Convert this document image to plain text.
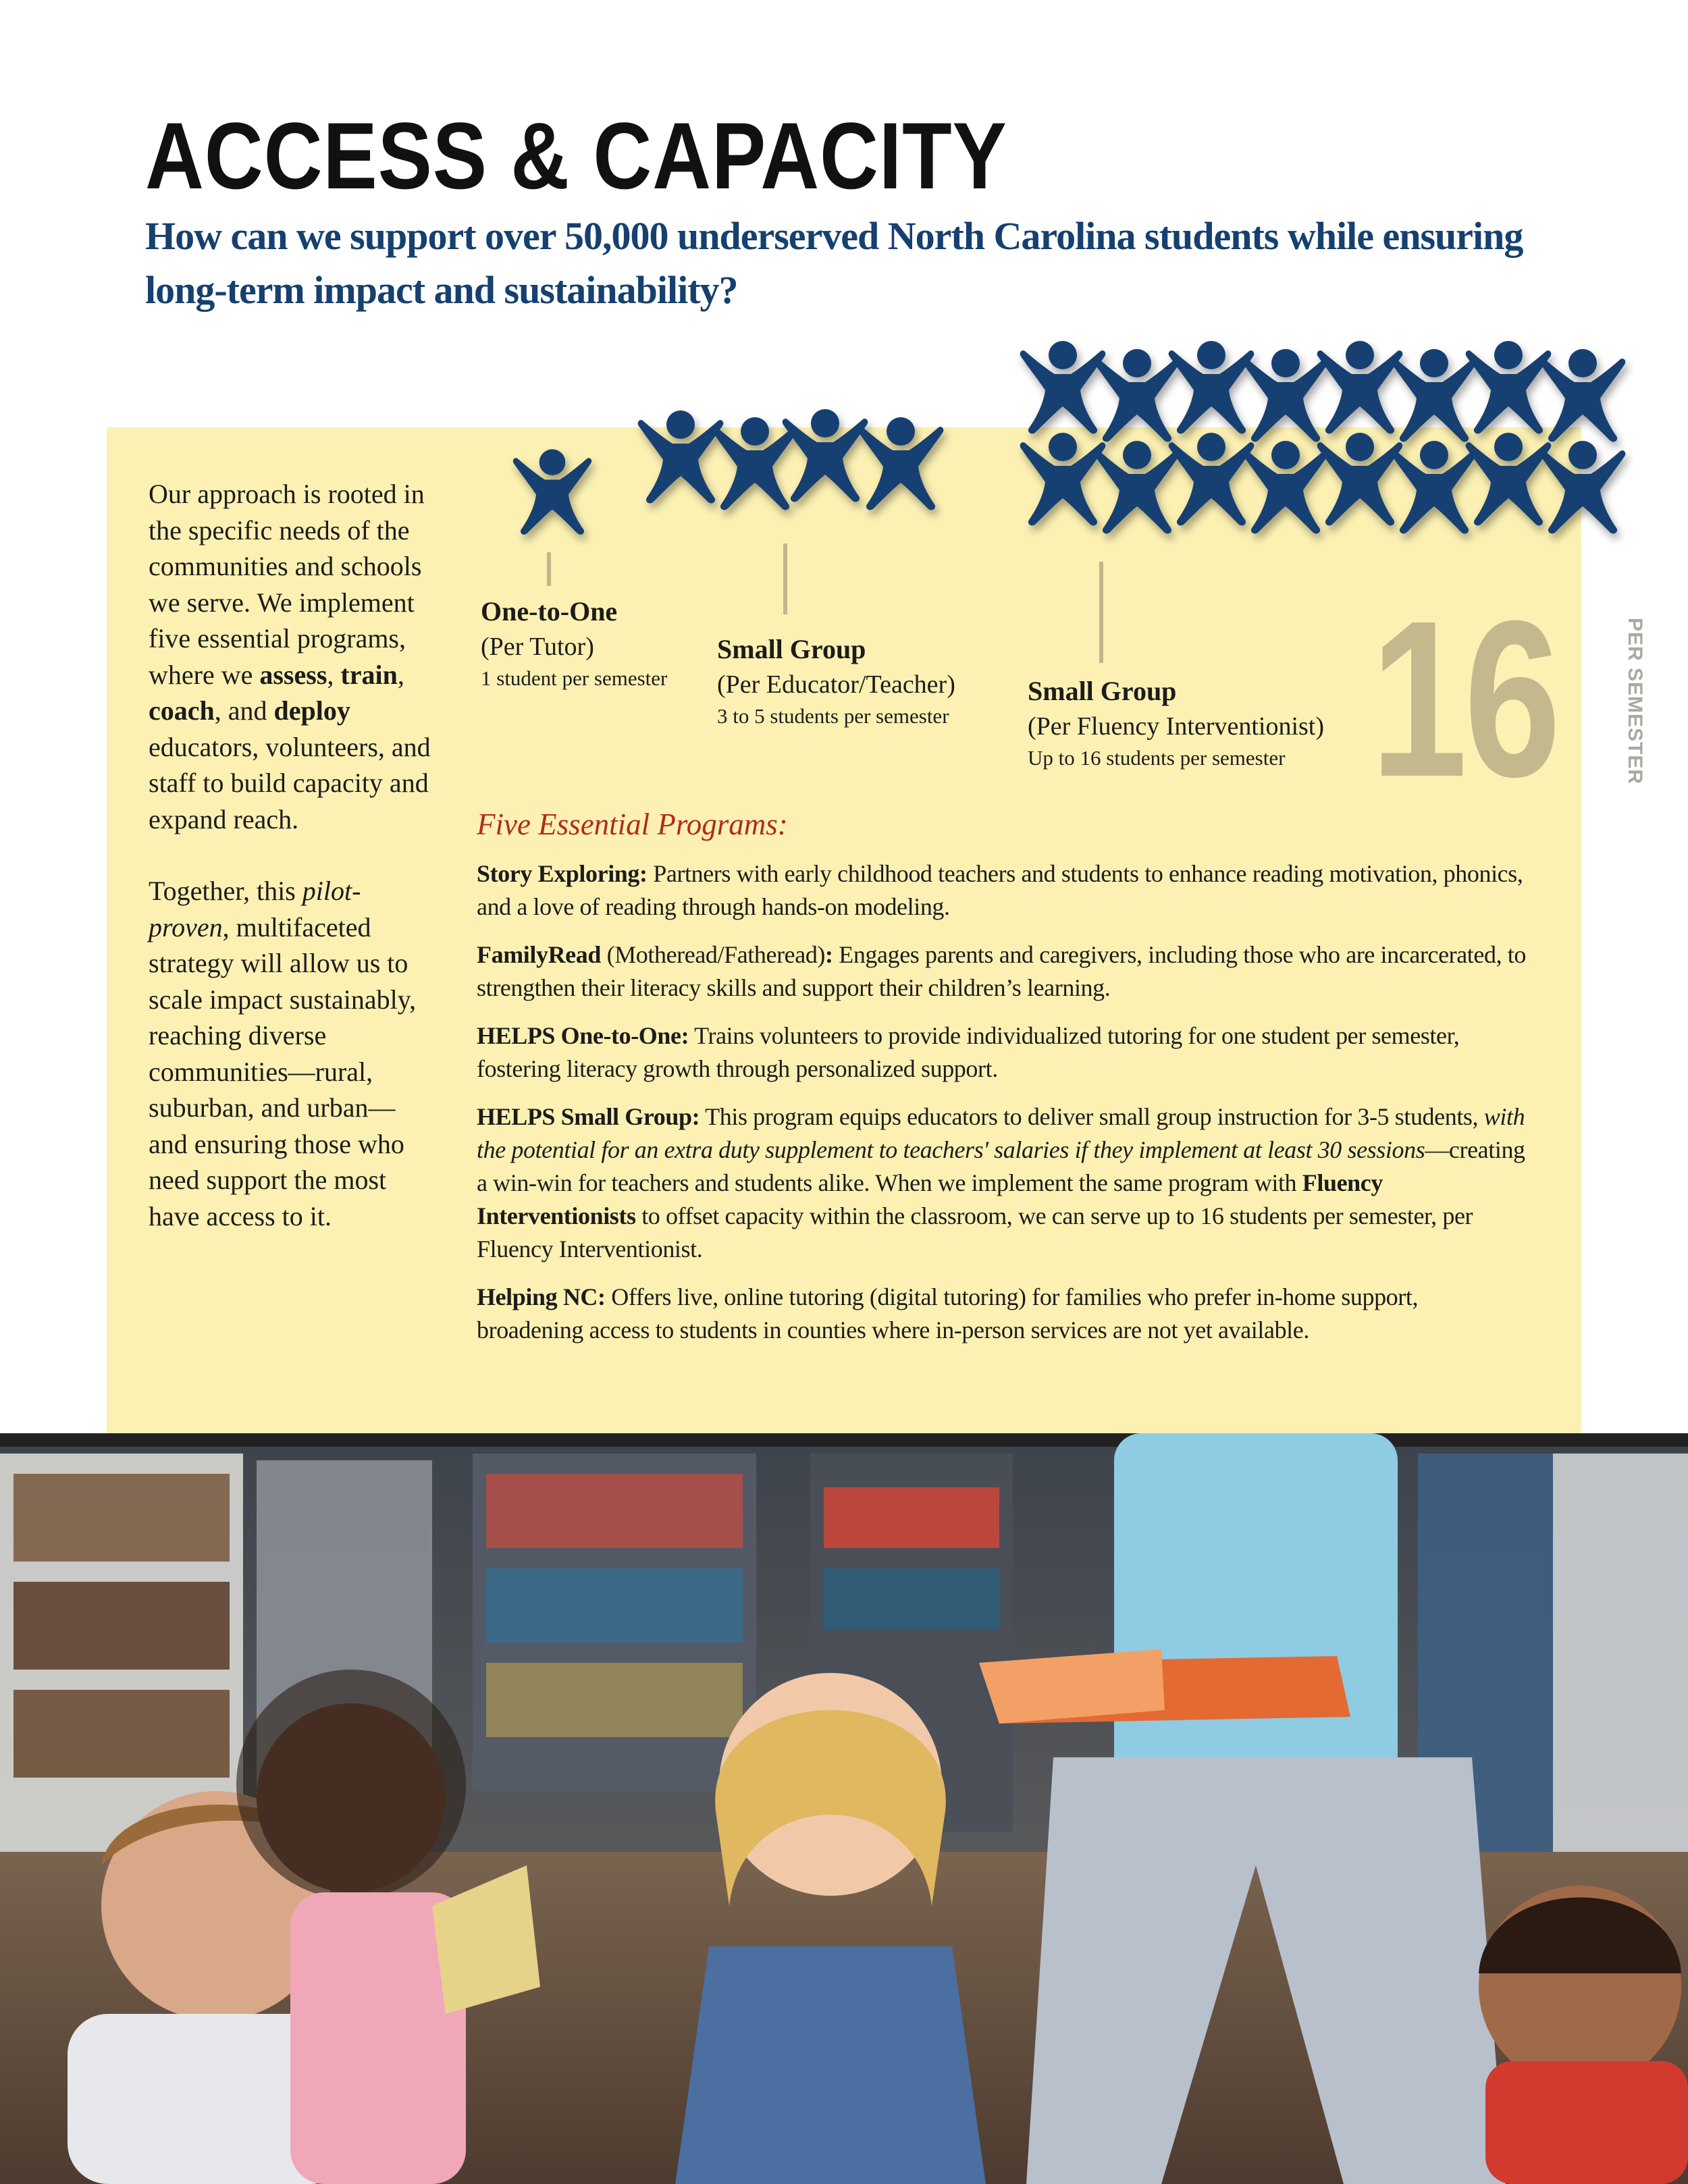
ACCESS & CAPACITY
How can we support over 50,000 underserved North Carolina students while ensuring long-term impact and sustainability?

Our approach is rooted in the specific needs of the communities and schools we serve. We implement five essential programs, where we assess, train, coach, and deploy educators, volunteers, and staff to build capacity and expand reach.

Together, this pilot-proven, multifaceted strategy will allow us to scale impact sustainably, reaching diverse communities—rural, suburban, and urban—and ensuring those who need support the most have access to it.

One-to-One
(Per Tutor)
1 student per semester
Small Group
(Per Educator/Teacher)
3 to 5 students per semester
Small Group
(Per Fluency Interventionist)
Up to 16 students per semester 16	PER SEMESTER
Five Essential Programs:

Story Exploring: Partners with early childhood teachers and students to enhance reading motivation, phonics, and a love of reading through hands-on modeling.

FamilyRead (Motheread/Fatheread): Engages parents and caregivers, including those who are incarcerated, to strengthen their literacy skills and support their children’s learning.

HELPS One-to-One: Trains volunteers to provide individualized tutoring for one student per semester, fostering literacy growth through personalized support.

HELPS Small Group: This program equips educators to deliver small group instruction for 3-5 students, with the potential for an extra duty supplement to teachers' salaries if they implement at least 30 sessions—creating a win-win for teachers and students alike. When we implement the same program with Fluency Interventionists to offset capacity within the classroom, we can serve up to 16 students per semester, per Fluency Interventionist.

Helping NC: Offers live, online tutoring (digital tutoring) for families who prefer in-home support, broadening access to students in counties where in-person services are not yet available.
